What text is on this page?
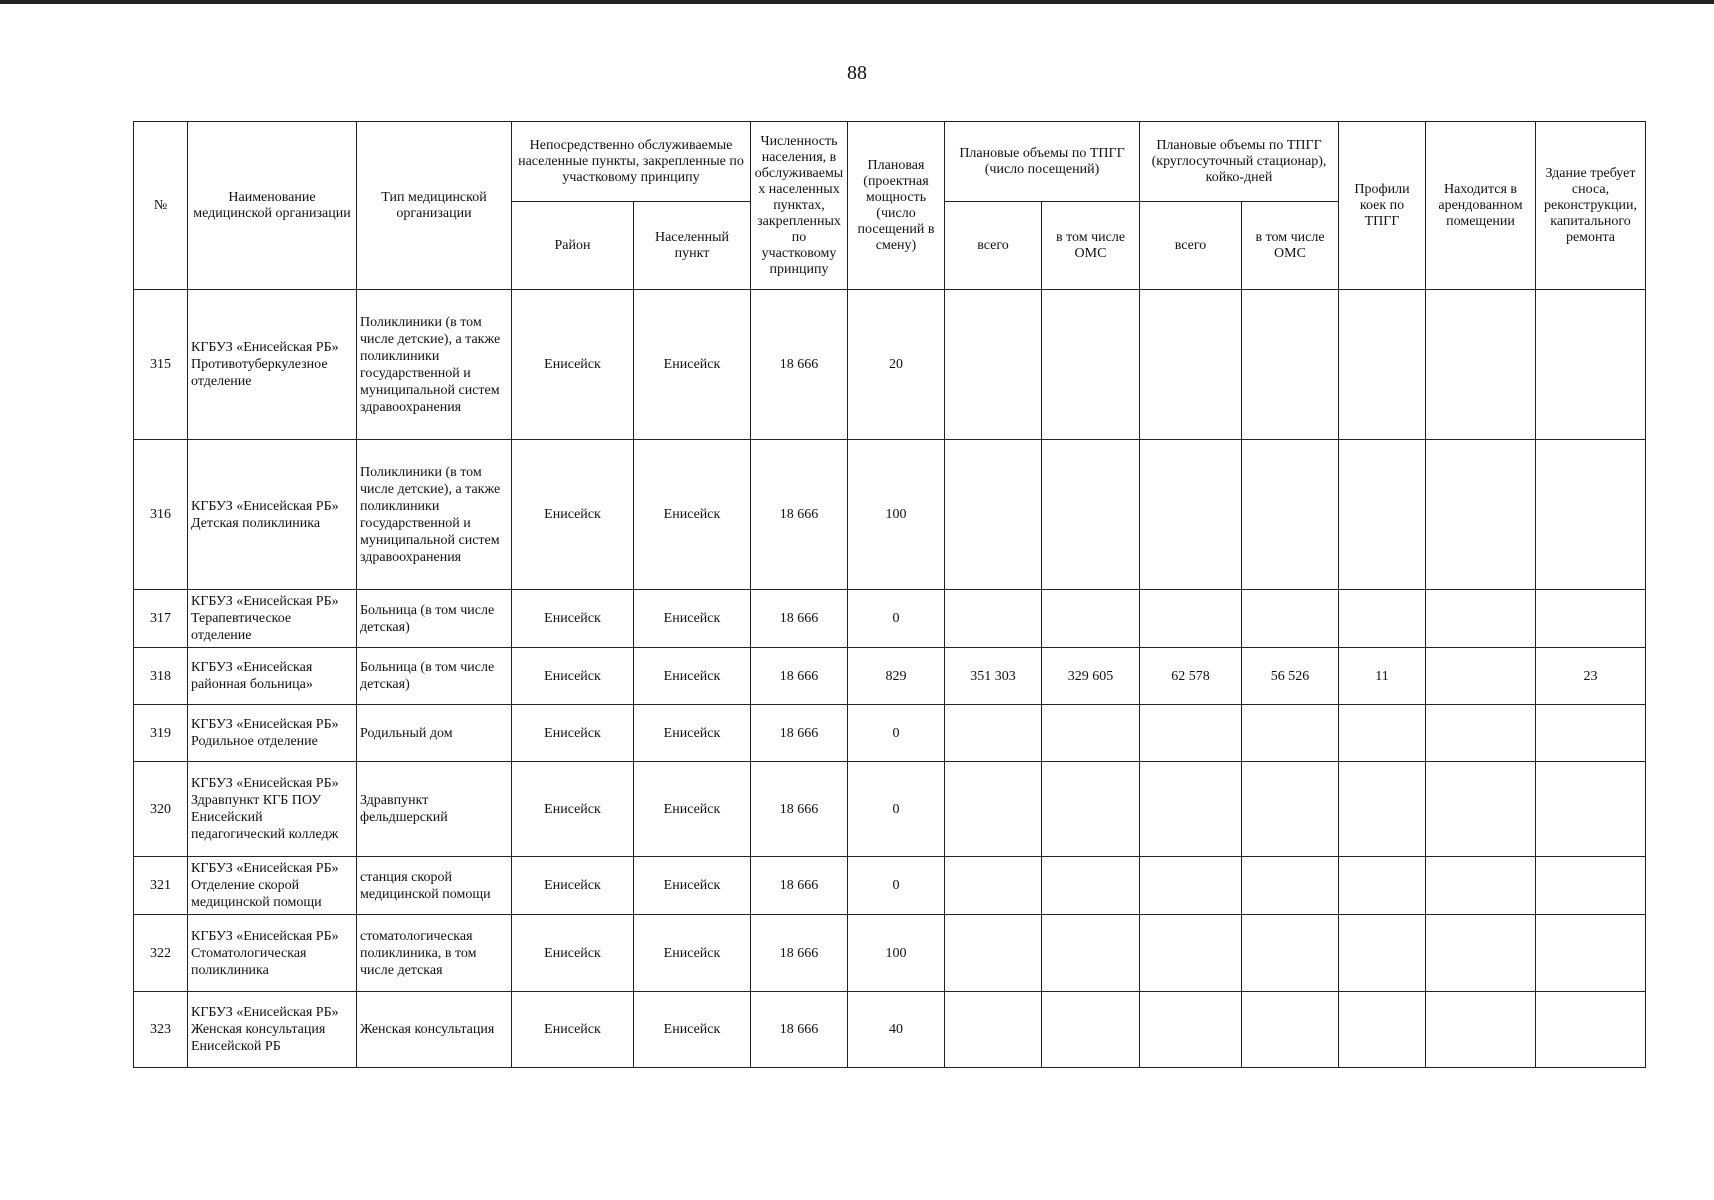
88
№	Наименование медицинской организации	Тип медицинской организации	Непосредственно обслуживаемые населенные пункты, закрепленные по участковому принципу		Численность населения, в обслуживаемых населенных пунктах, закрепленных по участковому принципу	Плановая (проектная мощность (число посещений в смену)	Плановые объемы по ТПГГ (число посещений)		Плановые объемы по ТПГГ (круглосуточный стационар), койко-дней		Профили коек по ТПГГ	Находится в арендованном помещении	Здание требует сноса, реконструкции, капитального ремонта
			Район	Населенный пункт			всего	в том числе ОМС	всего	в том числе ОМС			
315	КГБУЗ «Енисейская РБ» Противотуберкулезное отделение	Поликлиники (в том числе детские), а также поликлиники государственной и муниципальной систем здравоохранения	Енисейск	Енисейск	18 666	20							
316	КГБУЗ «Енисейская РБ» Детская поликлиника	Поликлиники (в том числе детские), а также поликлиники государственной и муниципальной систем здравоохранения	Енисейск	Енисейск	18 666	100							
317	КГБУЗ «Енисейская РБ» Терапевтическое отделение	Больница (в том числе детская)	Енисейск	Енисейск	18 666	0							
318	КГБУЗ «Енисейская районная больница»	Больница (в том числе детская)	Енисейск	Енисейск	18 666	829	351 303	329 605	62 578	56 526	11		23
319	КГБУЗ «Енисейская РБ» Родильное отделение	Родильный дом	Енисейск	Енисейск	18 666	0							
320	КГБУЗ «Енисейская РБ» Здравпункт КГБ ПОУ Енисейский педагогический колледж	Здравпункт фельдшерский	Енисейск	Енисейск	18 666	0							
321	КГБУЗ «Енисейская РБ» Отделение скорой медицинской помощи	станция скорой медицинской помощи	Енисейск	Енисейск	18 666	0							
322	КГБУЗ «Енисейская РБ» Стоматологическая поликлиника	стоматологическая поликлиника, в том числе детская	Енисейск	Енисейск	18 666	100							
323	КГБУЗ «Енисейская РБ» Женская консультация Енисейской РБ	Женская консультация	Енисейск	Енисейск	18 666	40							
